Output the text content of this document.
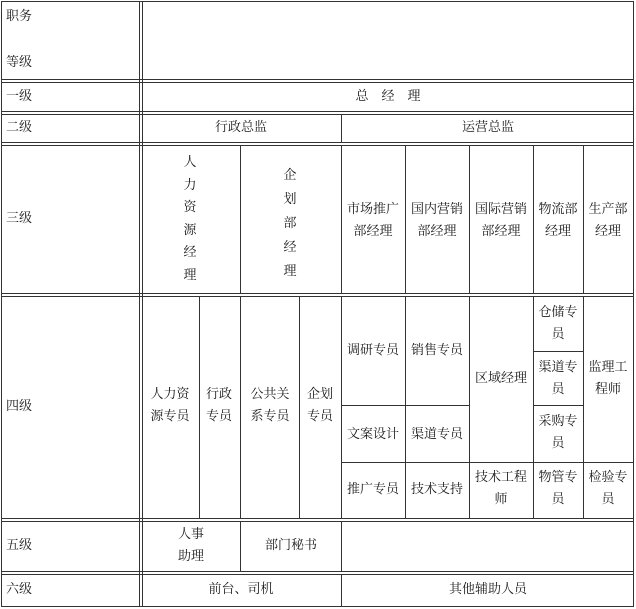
职务
等级
一级
二级
三级
四级
五级
六级
总　经　理
行政总监	运营总监
人
力
资
源
经
理
企
划
部
经
理
市场推广
部经理
国内营销
部经理
国际营销
部经理
物流部
经理
生产部
经理
人力资
源专员
行政
专员
公共关
系专员
企划
专员
调研专员 销售专员
区域经理
仓储专
员
渠道专
员
采购专
员
监理工
程师
文案设计 渠道专员
推广专员 技术支持
技术工程
师
物管专
员
检验专
员
人事
助理
部门秘书
前台、司机	其他辅助人员
